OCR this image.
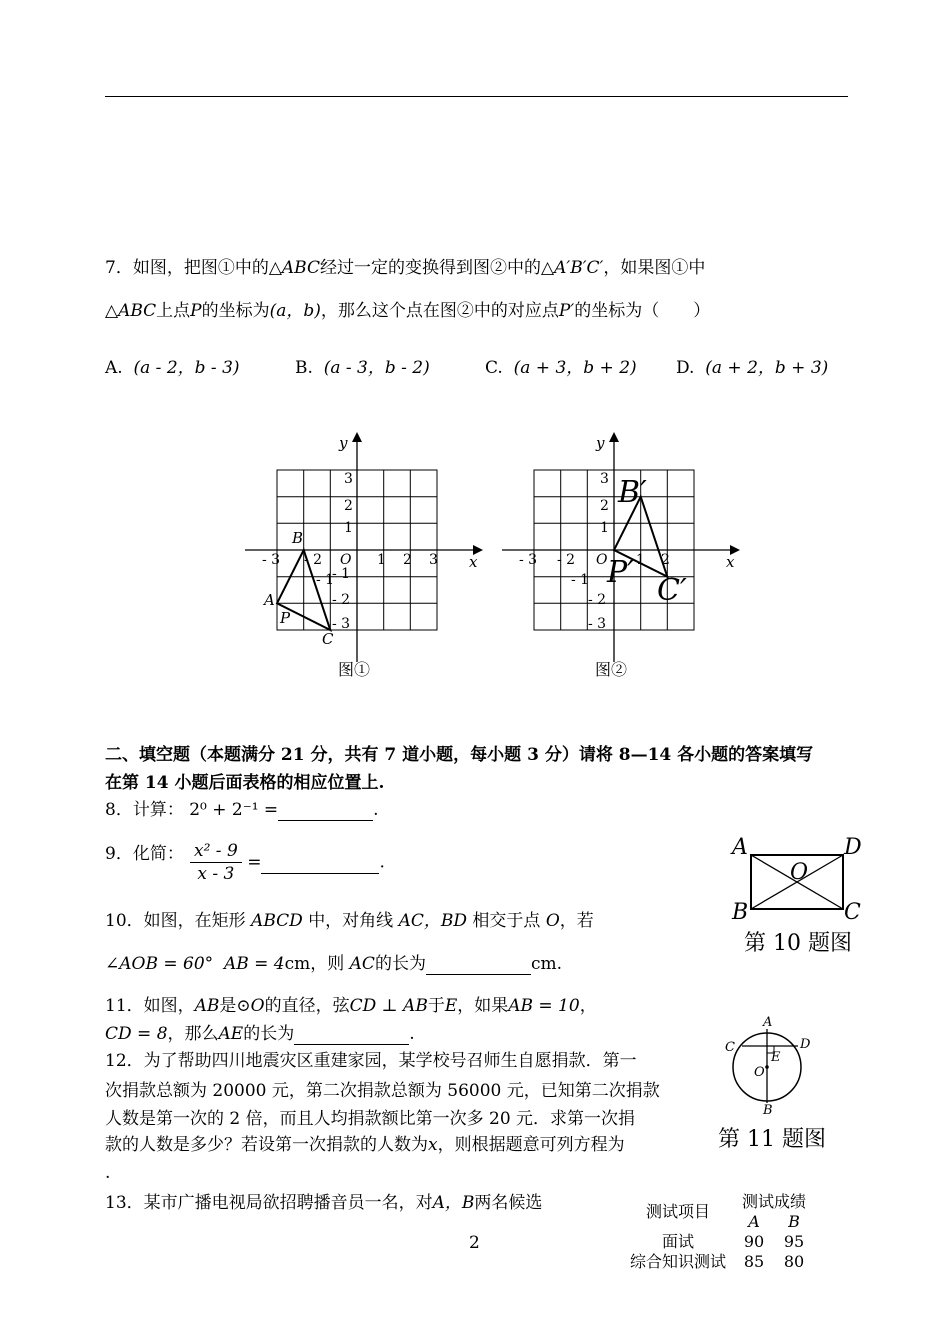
7．如图，把图①中的△ABC经过一定的变换得到图②中的△A′B′C′，如果图①中
△ABC上点P的坐标为(a，b)，那么这个点在图②中的对应点P′的坐标为（　　）
A. (a - 2，b - 3)	B. (a - 3，b - 2)	C. (a + 3，b + 2) D. (a + 2，b + 3)
x
y
O 1 2 3
1
2
3
- 3 - 2
- 1
- 1
- 2
- 3
B
A
P
C
图①
x
y
O 1 2
1
2
3
- 3 - 2
- 1
- 2
- 3
B′
P′
C′
图②
二、填空题（本题满分 21 分，共有 7 道小题，每小题 3 分）请将 8—14 各小题的答案填写
在第 14 小题后面表格的相应位置上.
8．计算： 2⁰ + 2⁻¹ =	.
9．化简： $\frac{\text{x² - 9}}{x - 3}$ =	.
10．如图，在矩形 ABCD 中，对角线 AC，BD 相交于点 O，若
∠AOB = 60° AB = 4cm，则 AC的长为	cm.
A	D
B	C
O
第 10 题图
11．如图，AB是⊙O的直径，弦CD ⊥ AB于E，如果AB = 10，
CD = 8，那么AE的长为	.
A
C	D
E
O
B
第 11 题图
12．为了帮助四川地震灾区重建家园，某学校号召师生自愿捐款．第一
次捐款总额为 20000 元，第二次捐款总额为 56000 元，已知第二次捐款
人数是第一次的 2 倍，而且人均捐款额比第一次多 20 元．求第一次捐
款的人数是多少？若设第一次捐款的人数为x，则根据题意可列方程为
.
13．某市广播电视局欲招聘播音员一名，对A，B两名候选	测试项目	测试成绩	
	A	B
面试	90	95
综合知识测试	85	80
2
